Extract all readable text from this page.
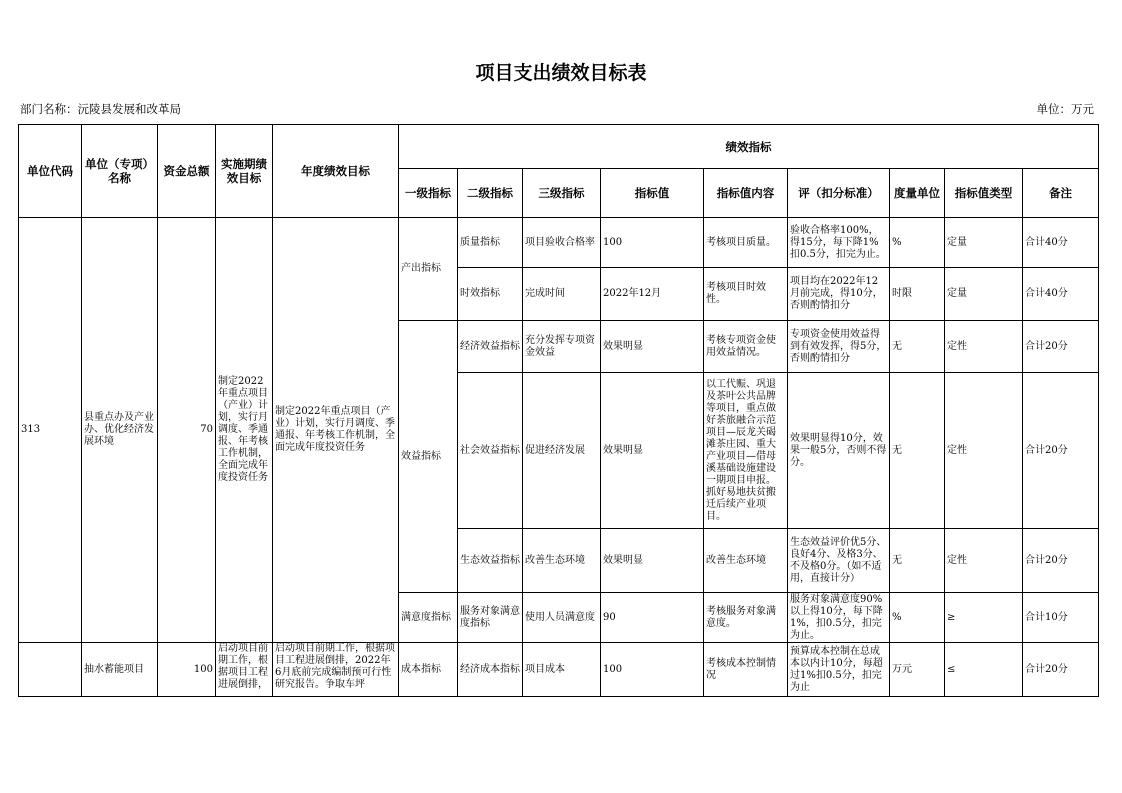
项目支出绩效目标表
部门名称：沅陵县发展和改革局	单位：万元
单位代码	单位（专项）名称	资金总额	实施期绩效目标	年度绩效目标	绩效指标								
					一级指标	二级指标	三级指标	指标值	指标值内容	评（扣分标准）	度量单位	指标值类型	备注
313	县重点办及产业办、优化经济发展环境	70	制定2022年重点项目（产业）计划，实行月调度、季通报、年考核工作机制，全面完成年度投资任务	制定2022年重点项目（产业）计划，实行月调度、季通报、年考核工作机制，全面完成年度投资任务	产出指标	质量指标	项目验收合格率	100	考核项目质量。	验收合格率100%，得15分，每下降1%扣0.5分，扣完为止。	%	定量	合计40分
						时效指标	完成时间	2022年12月	考核项目时效性。	项目均在2022年12月前完成，得10分，否则酌情扣分	时限	定量	合计40分
					效益指标	经济效益指标	充分发挥专项资金效益	效果明显	考核专项资金使用效益情况。	专项资金使用效益得到有效发挥，得5分，否则酌情扣分	无	定性	合计20分
						社会效益指标	促进经济发展	效果明显	以工代赈、巩退及茶叶公共品牌等项目，重点做好茶旅融合示范项目—辰龙关碣滩茶庄园、重大产业项目—借母溪基础设施建设一期项目申报。抓好易地扶贫搬迁后续产业项目。	效果明显得10分，效果一般5分，否则不得分。	无	定性	合计20分
						生态效益指标	改善生态环境	效果明显	改善生态环境	生态效益评价优5分、良好4分、及格3分、不及格0分。（如不适用，直接计分）	无	定性	合计20分
					满意度指标	服务对象满意度指标	使用人员满意度	90	考核服务对象满意度。	服务对象满意度90%以上得10分，每下降1%，扣0.5分，扣完为止。	%	≥	合计10分
	抽水蓄能项目	100	启动项目前期工作，根据项目工程进展倒排，	启动项目前期工作，根据项目工程进展倒排，2022年6月底前完成编制预可行性研究报告。争取车坪	成本指标	经济成本指标	项目成本	100	考核成本控制情况	预算成本控制在总成本以内计10分，每超过1%扣0.5分，扣完为止	万元	≤	合计20分
